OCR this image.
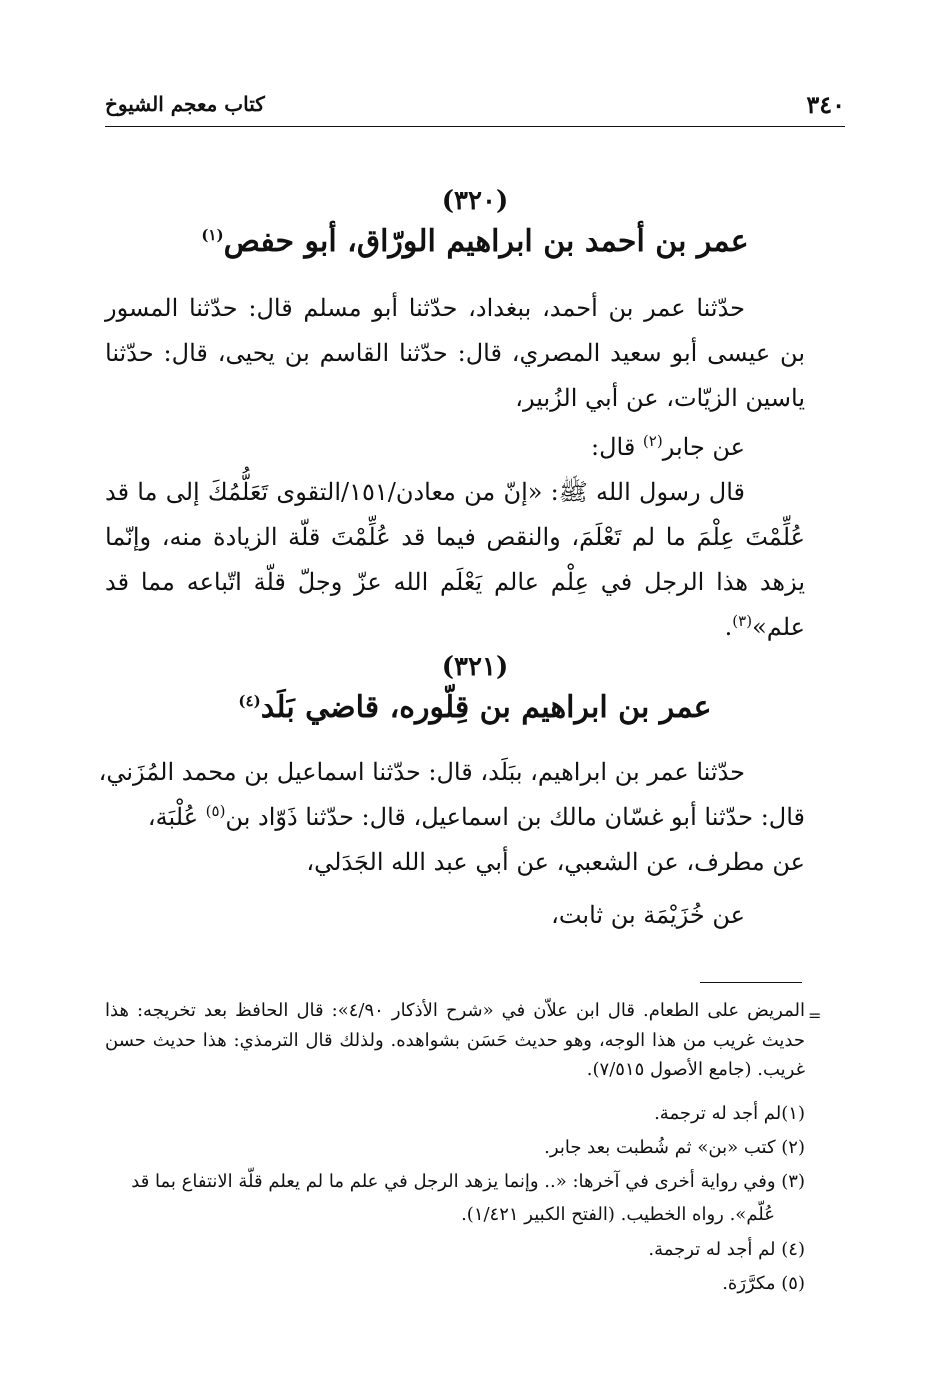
٣٤٠
كتاب معجم الشيوخ
(٣٢٠)
عمر بن أحمد بن ابراهيم الورّاق، أبو حفص$^{(١)}$

حدّثنا عمر بن أحمد، ببغداد، حدّثنا أبو مسلم قال: حدّثنا المسور بن عيسى أبو سعيد المصري، قال: حدّثنا القاسم بن يحيى، قال: حدّثنا ياسين الزيّات، عن أبي الزُبير،

عن جابر$^{(٢)}$ قال:

قال رسول الله ﷺ: «إنّ من معادن/١٥١/التقوى تَعَلُّمُكَ إلى ما قد عُلِّمْتَ عِلْمَ ما لم تَعْلَمَ، والنقص فيما قد عُلِّمْتَ قلّة الزيادة منه، وإنّما يزهد هذا الرجل في عِلْم عالم يَعْلَم الله عزّ وجلّ قلّة اتّباعه مما قد علم»$^{(٣)}$.

(٣٢١)
عمر بن ابراهيم بن قِلّوره، قاضي بَلَد$^{(٤)}$

حدّثنا عمر بن ابراهيم، ببَلَد، قال: حدّثنا اسماعيل بن محمد المُزَني،

قال: حدّثنا أبو غسّان مالك بن اسماعيل، قال: حدّثنا ذَوّاد بن$^{(٥)}$ عُلْبَة،

عن مطرف، عن الشعبي، عن أبي عبد الله الجَدَلي،

عن خُزَيْمَة بن ثابت،

=

المريض على الطعام. قال ابن علاّن في «شرح الأذكار ٤/٩٠»: قال الحافظ بعد تخريجه: هذا حديث غريب من هذا الوجه، وهو حديث حَسَن بشواهده. ولذلك قال الترمذي: هذا حديث حسن غريب. (جامع الأصول ٧/٥١٥).

(١)لم أجد له ترجمة.

(٢) كتب «بن» ثم شُطبت بعد جابر.

(٣) وفي رواية أخرى في آخرها: «.. وإنما يزهد الرجل في علم ما لم يعلم قلّة الانتفاع بما قد

عُلّم». رواه الخطيب. (الفتح الكبير ١/٤٢١).

(٤) لم أجد له ترجمة.

(٥) مكرَّرَة.
